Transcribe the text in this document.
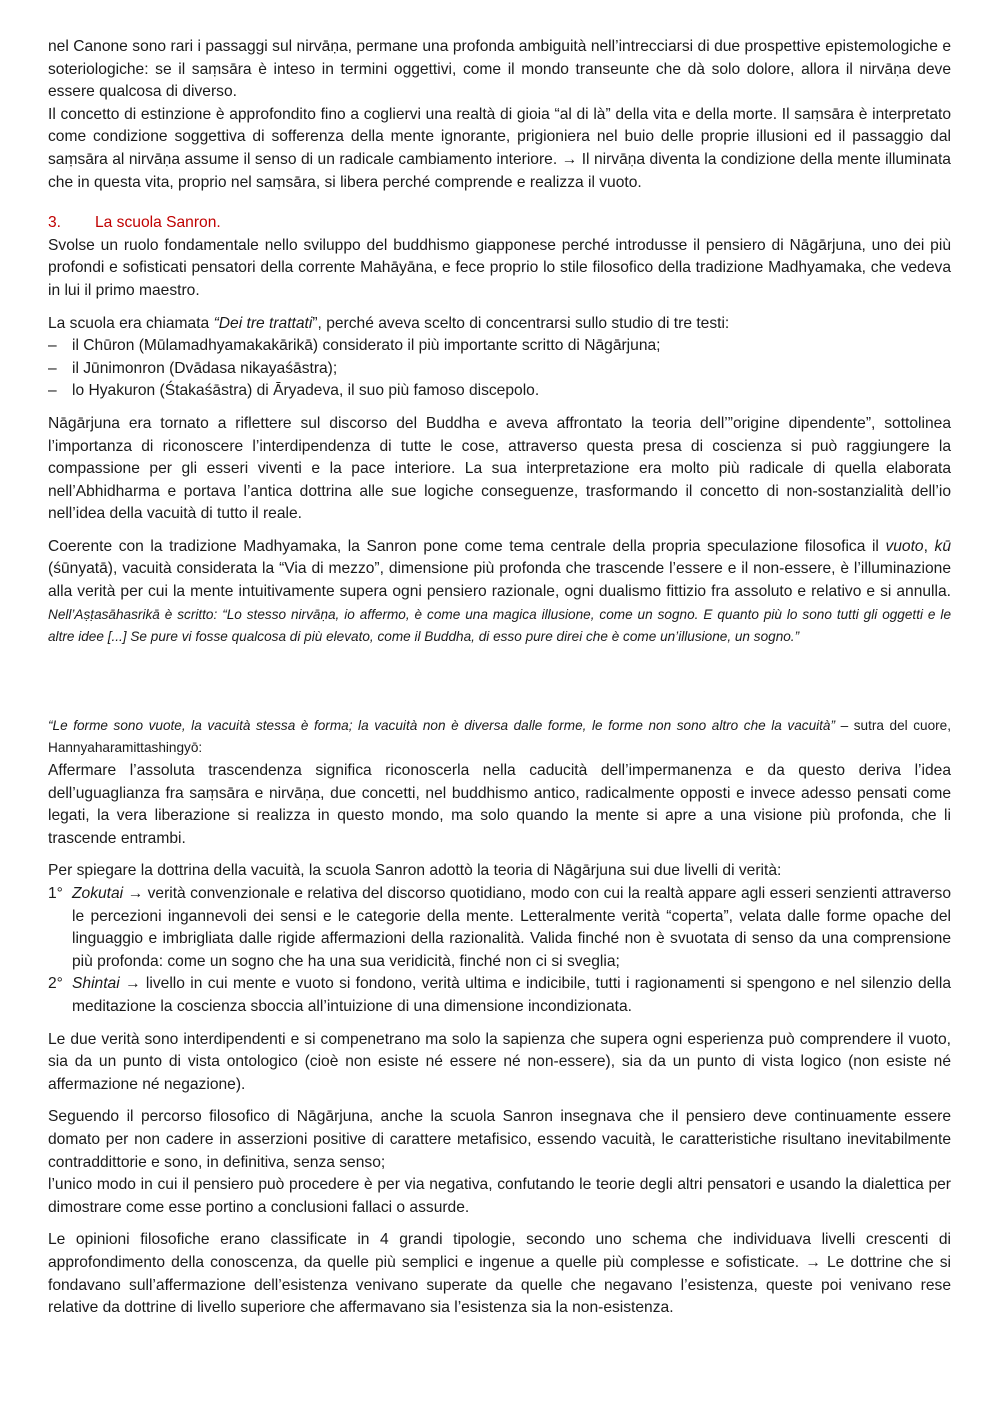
nel Canone sono rari i passaggi sul nirvāṇa, permane una profonda ambiguità nell’intrecciarsi di due prospettive epistemologiche e soteriologiche: se il saṃsāra è inteso in termini oggettivi, come il mondo transeunte che dà solo dolore, allora il nirvāṇa deve essere qualcosa di diverso.

Il concetto di estinzione è approfondito fino a cogliervi una realtà di gioia “al di là” della vita e della morte. Il saṃsāra è interpretato come condizione soggettiva di sofferenza della mente ignorante, prigioniera nel buio delle proprie illusioni ed il passaggio dal saṃsāra al nirvāṇa assume il senso di un radicale cambiamento interiore. → Il nirvāṇa diventa la condizione della mente illuminata che in questa vita, proprio nel saṃsāra, si libera perché comprende e realizza il vuoto.

3. La scuola Sanron.

Svolse un ruolo fondamentale nello sviluppo del buddhismo giapponese perché introdusse il pensiero di Nāgārjuna, uno dei più profondi e sofisticati pensatori della corrente Mahāyāna, e fece proprio lo stile filosofico della tradizione Madhyamaka, che vedeva in lui il primo maestro.

La scuola era chiamata “Dei tre trattati”, perché aveva scelto di concentrarsi sullo studio di tre testi:

– il Chūron (Mūlamadhyamakakārikā) considerato il più importante scritto di Nāgārjuna;
– il Jūnimonron (Dvādasa nikayaśāstra);
– lo Hyakuron (Śtakaśāstra) di Āryadeva, il suo più famoso discepolo.

Nāgārjuna era tornato a riflettere sul discorso del Buddha e aveva affrontato la teoria dell’”origine dipendente”, sottolinea l’importanza di riconoscere l’interdipendenza di tutte le cose, attraverso questa presa di coscienza si può raggiungere la compassione per gli esseri viventi e la pace interiore. La sua interpretazione era molto più radicale di quella elaborata nell’Abhidharma e portava l’antica dottrina alle sue logiche conseguenze, trasformando il concetto di non-sostanzialità dell’io nell’idea della vacuità di tutto il reale.

Coerente con la tradizione Madhyamaka, la Sanron pone come tema centrale della propria speculazione filosofica il vuoto, kū (śūnyatā), vacuità considerata la “Via di mezzo”, dimensione più profonda che trascende l’essere e il non-essere, è l’illuminazione alla verità per cui la mente intuitivamente supera ogni pensiero razionale, ogni dualismo fittizio fra assoluto e relativo e si annulla. Nell’Aṣṭasāhasrikā è scritto: “Lo stesso nirvāṇa, io affermo, è come una magica illusione, come un sogno. E quanto più lo sono tutti gli oggetti e le altre idee [...] Se pure vi fosse qualcosa di più elevato, come il Buddha, di esso pure direi che è come un’illusione, un sogno.”

“Le forme sono vuote, la vacuità stessa è forma; la vacuità non è diversa dalle forme, le forme non sono altro che la vacuità” – sutra del cuore, Hannyaharamittashingyō:

Affermare l’assoluta trascendenza significa riconoscerla nella caducità dell’impermanenza e da questo deriva l’idea dell’uguaglianza fra saṃsāra e nirvāṇa, due concetti, nel buddhismo antico, radicalmente opposti e invece adesso pensati come legati, la vera liberazione si realizza in questo mondo, ma solo quando la mente si apre a una visione più profonda, che li trascende entrambi.

Per spiegare la dottrina della vacuità, la scuola Sanron adottò la teoria di Nāgārjuna sui due livelli di verità:

1° Zokutai → verità convenzionale e relativa del discorso quotidiano, modo con cui la realtà appare agli esseri senzienti attraverso le percezioni ingannevoli dei sensi e le categorie della mente. Letteralmente verità “coperta”, velata dalle forme opache del linguaggio e imbrigliata dalle rigide affermazioni della razionalità. Valida finché non è svuotata di senso da una comprensione più profonda: come un sogno che ha una sua veridicità, finché non ci si sveglia;
2° Shintai → livello in cui mente e vuoto si fondono, verità ultima e indicibile, tutti i ragionamenti si spengono e nel silenzio della meditazione la coscienza sboccia all’intuizione di una dimensione incondizionata.

Le due verità sono interdipendenti e si compenetrano ma solo la sapienza che supera ogni esperienza può comprendere il vuoto, sia da un punto di vista ontologico (cioè non esiste né essere né non-essere), sia da un punto di vista logico (non esiste né affermazione né negazione).

Seguendo il percorso filosofico di Nāgārjuna, anche la scuola Sanron insegnava che il pensiero deve continuamente essere domato per non cadere in asserzioni positive di carattere metafisico, essendo vacuità, le caratteristiche risultano inevitabilmente contraddittorie e sono, in definitiva, senza senso;
l’unico modo in cui il pensiero può procedere è per via negativa, confutando le teorie degli altri pensatori e usando la dialettica per dimostrare come esse portino a conclusioni fallaci o assurde.

Le opinioni filosofiche erano classificate in 4 grandi tipologie, secondo uno schema che individuava livelli crescenti di approfondimento della conoscenza, da quelle più semplici e ingenue a quelle più complesse e sofisticate. → Le dottrine che si fondavano sull’affermazione dell’esistenza venivano superate da quelle che negavano l’esistenza, queste poi venivano rese relative da dottrine di livello superiore che affermavano sia l’esistenza sia la non-esistenza.
